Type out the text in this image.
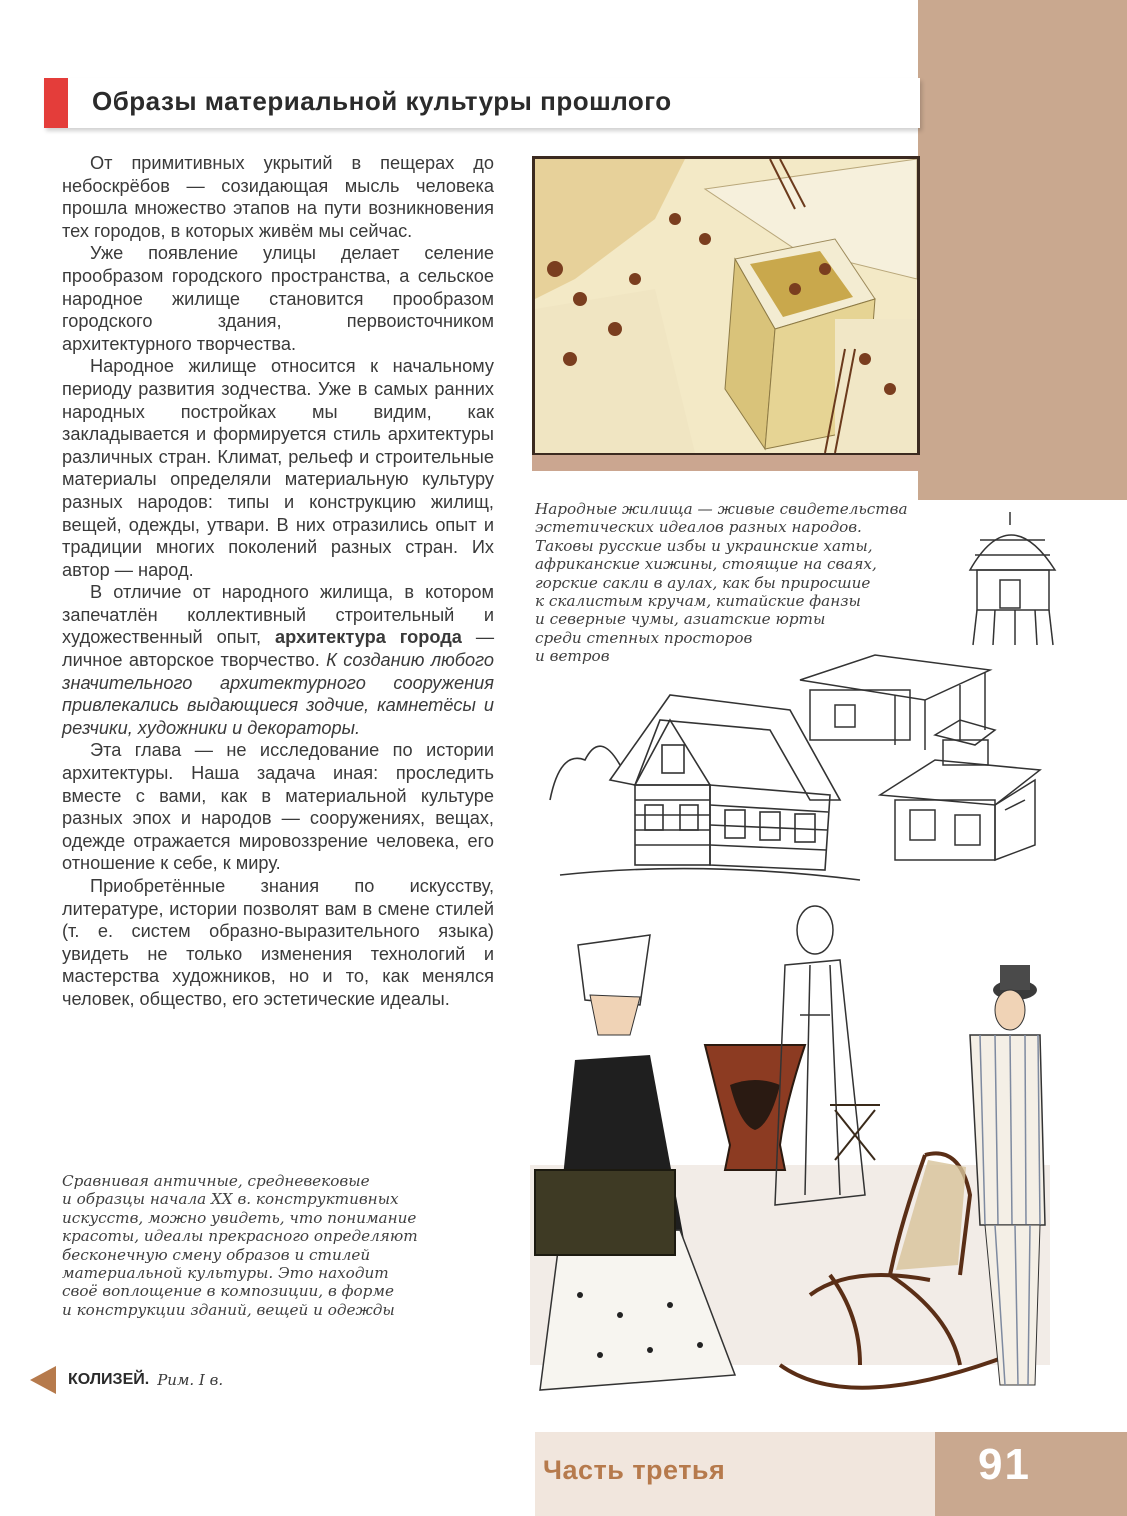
Образы материальной культуры прошлого

От примитивных укрытий в пещерах до небоскрёбов — созидающая мысль человека прошла множество этапов на пути возникновения тех городов, в которых живём мы сейчас.

Уже появление улицы делает селение прообразом городского пространства, а сельское народное жилище становится прообразом городского здания, первоисточником архитектурного творчества.

Народное жилище относится к начальному периоду развития зодчества. Уже в самых ранних народных постройках мы видим, как закладывается и формируется стиль архитектуры различных стран. Климат, рельеф и строительные материалы определяли материальную культуру разных народов: типы и конструкцию жилищ, вещей, одежды, утвари. В них отразились опыт и традиции многих поколений разных стран. Их автор — народ.

В отличие от народного жилища, в котором запечатлён коллективный строительный и художественный опыт, архитектура города — личное авторское творчество. К созданию любого значительного архитектурного сооружения привлекались выдающиеся зодчие, камнетёсы и резчики, художники и декораторы.

Эта глава — не исследование по истории архитектуры. Наша задача иная: проследить вместе с вами, как в материальной культуре разных эпох и народов — сооружениях, вещах, одежде отражается мировоззрение человека, его отношение к себе, к миру.

Приобретённые знания по искусству, литературе, истории позволят вам в смене стилей (т. е. систем образно-выразительного языка) увидеть не только изменения технологий и мастерства художников, но и то, как менялся человек, общество, его эстетические идеалы.

Народные жилища — живые свидетельства
эстетических идеалов разных народов.
Таковы русские избы и украинские хаты,
африканские хижины, стоящие на сваях,
горские сакли в аулах, как бы приросшие
к скалистым кручам, китайские фанзы
и северные чумы, азиатские юрты
среди степных просторов
и ветров
Сравнивая античные, средневековые
и образцы начала XX в. конструктивных
искусств, можно увидеть, что понимание
красоты, идеалы прекрасного определяют
бесконечную смену образов и стилей
материальной культуры. Это находит
своё воплощение в композиции, в форме
и конструкции зданий, вещей и одежды
КОЛИЗЕЙ. Рим. I в.
Часть третья	91
